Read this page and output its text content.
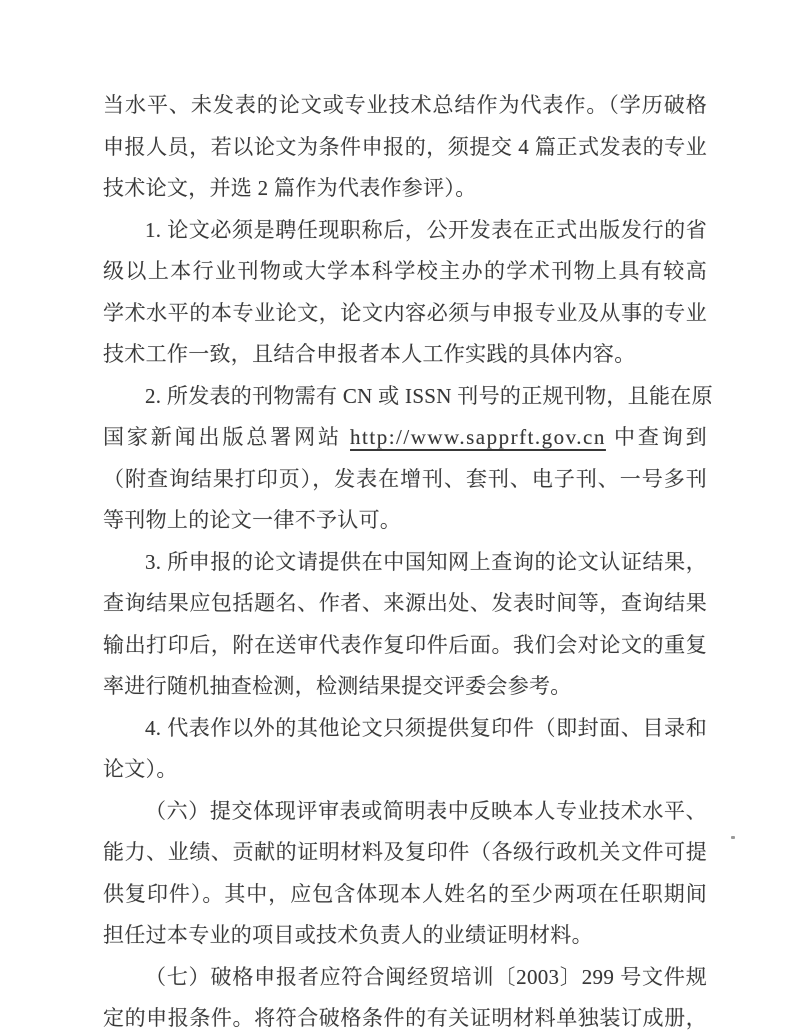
当水平、未发表的论文或专业技术总结作为代表作。（学历破格
申报人员，若以论文为条件申报的，须提交 4 篇正式发表的专业
技术论文，并选 2 篇作为代表作参评）。
1. 论文必须是聘任现职称后，公开发表在正式出版发行的省
级以上本行业刊物或大学本科学校主办的学术刊物上具有较高
学术水平的本专业论文，论文内容必须与申报专业及从事的专业
技术工作一致，且结合申报者本人工作实践的具体内容。
2. 所发表的刊物需有 CN 或 ISSN 刊号的正规刊物，且能在原
国家新闻出版总署网站 http://www.sapprft.gov.cn 中查询到
（附查询结果打印页），发表在增刊、套刊、电子刊、一号多刊
等刊物上的论文一律不予认可。
3. 所申报的论文请提供在中国知网上查询的论文认证结果，
查询结果应包括题名、作者、来源出处、发表时间等，查询结果
输出打印后，附在送审代表作复印件后面。我们会对论文的重复
率进行随机抽查检测，检测结果提交评委会参考。
4. 代表作以外的其他论文只须提供复印件（即封面、目录和
论文）。
（六）提交体现评审表或简明表中反映本人专业技术水平、
能力、业绩、贡献的证明材料及复印件（各级行政机关文件可提
供复印件）。其中，应包含体现本人姓名的至少两项在任职期间
担任过本专业的项目或技术负责人的业绩证明材料。
（七）破格申报者应符合闽经贸培训〔2003〕299 号文件规
定的申报条件。将符合破格条件的有关证明材料单独装订成册，
